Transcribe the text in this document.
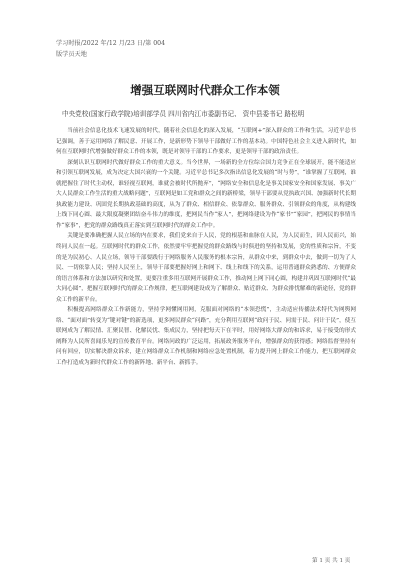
学习时报/2022 年/12 月/23 日/第 004
版学员天地
增强互联网时代群众工作本领
中央党校(国家行政学院)培训部学员 四川省内江市委副书记、 资中县委书记 路松明

当前社会信息化技术飞速发展的时代，随着社会信息化的深入发展，“互联网+”深入群众的工作和生活，习近平总书记强调，善于运用网络了解民意、开展工作，是新形势下领导干部做好工作的基本功。中国特色社会主义进入新时代，如何在互联网时代增强做好群众工作的本领，既是对领导干部的工作要求，更是领导干部的政治责任。

深刻认识互联网时代做好群众工作的重大意义。当今世界，一场新的全方位综合国力竞争正在全球展开，能不能适应和引领互联网发展，成为决定大国兴衰的一个关键。习近平总书记多次指出信息化发展的“时与势”，“谁掌握了互联网，谁就把握住了时代主动权，谁轻视互联网，谁就会被时代所抛弃”，“网络安全和信息化是事关国家安全和国家发展、事关广大人民群众工作生活的重大战略问题”，互联网是如工党和群众之间的新桥梁，领导干部要从党执政兴国、加强新时代长期执政能力建设、巩固党长期执政基础的高度，从为了群众、相信群众、依靠群众、服务群众、引领群众的角度，从构建线上线下同心圆、最大限度凝聚团结奋斗伟力的维度，把网民当作“家人”，把网络建设为作“家书”“家园”，把网民的事情当作“家事”，把党的群众路线真正落实到互联网时代的群众工作中。

关键是要准确把握人民立场的内在要求，我们党来自于人民，党的根基和血脉在人民，为人民而生，因人民而兴，始终同人民在一起。互联网时代的群众工作，依然要牢牢把握党的群众路线与时俱进的坚持和发展，党的性质和宗旨，不变的是为民初心、人民立场，领导干部要践行于网络服务人民服务的根本宗旨，从群众中来，到群众中去，做到一切为了人民、一切依靠人民；坚持人民至上，领导干部要把握好网上和网下、线上和线下的关系，运用普通群众熟悉的、方便群众的语言体系和方法加以研究和处置，更要注重多用互联网开展群众工作，推动网上网下同心圆，构建并巩固互联网时代“最大同心圆”，把握互联网时代的群众工作规律，把互联网建设成为了解群众、贴近群众、为群众排忧解难的新途径，党的群众工作的新平台。

积极提高网络群众工作新能力，坚持学网懂网用网，克服面对网络的“本领恐慌”，主动适应传播法术特代为网舆网络、“面对面”转变为“键对键”的新选项，更多网民群众“问路”，充分利用互联网“政问于民、问需于民、问计于民”，使互联网成为了解民情、汇聚民智、化解民忧、集成民力，坚持把每天下在平时，用好网络大群众的和诉求，易于接受的形式阐释为人民所喜闻乐见的宣传教育平台。网络问政的广泛运用，拓展政务服务平台，增强群众的获得感；网络监督坚持有问有回应，切实解决群众诉求，建立网络群众工作机制和网络应急处置机制，着力提升网上群众工作能力，把互联网群众工作打造成为新时代群众工作的新阵地、新平台、新抓手。

第 1 页 共 1 页
